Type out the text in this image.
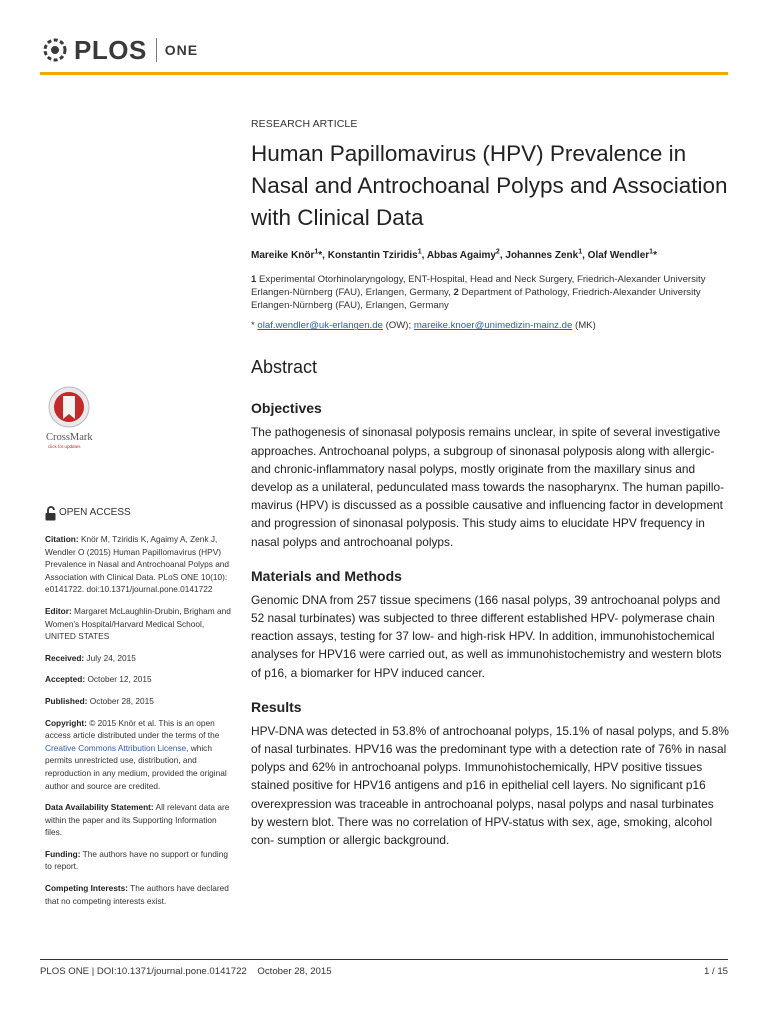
PLOS ONE
CrossMark
click for updates
OPEN ACCESS
Citation: Knör M, Tziridis K, Agaimy A, Zenk J, Wendler O (2015) Human Papillomavirus (HPV) Prevalence in Nasal and Antrochoanal Polyps and Association with Clinical Data. PLoS ONE 10(10): e0141722. doi:10.1371/journal.pone.0141722
Editor: Margaret McLaughlin-Drubin, Brigham and Women's Hospital/Harvard Medical School, UNITED STATES
Received: July 24, 2015
Accepted: October 12, 2015
Published: October 28, 2015
Copyright: © 2015 Knör et al. This is an open access article distributed under the terms of the Creative Commons Attribution License, which permits unrestricted use, distribution, and reproduction in any medium, provided the original author and source are credited.
Data Availability Statement: All relevant data are within the paper and its Supporting Information files.
Funding: The authors have no support or funding to report.
Competing Interests: The authors have declared that no competing interests exist.
RESEARCH ARTICLE
Human Papillomavirus (HPV) Prevalence in Nasal and Antrochoanal Polyps and Association with Clinical Data
Mareike Knör$^1$*, Konstantin Tziridis$^1$, Abbas Agaimy$^2$, Johannes Zenk$^1$, Olaf Wendler$^1$*
1 Experimental Otorhinolaryngology, ENT-Hospital, Head and Neck Surgery, Friedrich-Alexander University Erlangen-Nürnberg (FAU), Erlangen, Germany, 2 Department of Pathology, Friedrich-Alexander University Erlangen-Nürnberg (FAU), Erlangen, Germany
* olaf.wendler@uk-erlangen.de (OW); mareike.knoer@unimedizin-mainz.de (MK)
Abstract
Objectives
The pathogenesis of sinonasal polyposis remains unclear, in spite of several investigative approaches. Antrochoanal polyps, a subgroup of sinonasal polyposis along with allergic- and chronic-inflammatory nasal polyps, mostly originate from the maxillary sinus and develop as a unilateral, pedunculated mass towards the nasopharynx. The human papillo- mavirus (HPV) is discussed as a possible causative and influencing factor in development and progression of sinonasal polyposis. This study aims to elucidate HPV frequency in nasal polyps and antrochoanal polyps.
Materials and Methods
Genomic DNA from 257 tissue specimens (166 nasal polyps, 39 antrochoanal polyps and 52 nasal turbinates) was subjected to three different established HPV- polymerase chain reaction assays, testing for 37 low- and high-risk HPV. In addition, immunohistochemical analyses for HPV16 were carried out, as well as immunohistochemistry and western blots of p16, a biomarker for HPV induced cancer.
Results
HPV-DNA was detected in 53.8% of antrochoanal polyps, 15.1% of nasal polyps, and 5.8% of nasal turbinates. HPV16 was the predominant type with a detection rate of 76% in nasal polyps and 62% in antrochoanal polyps. Immunohistochemically, HPV positive tissues stained positive for HPV16 antigens and p16 in epithelial cell layers. No significant p16 overexpression was traceable in antrochoanal polyps, nasal polyps and nasal turbinates by western blot. There was no correlation of HPV-status with sex, age, smoking, alcohol con- sumption or allergic background.
PLOS ONE | DOI:10.1371/journal.pone.0141722    October 28, 2015	1 / 15
